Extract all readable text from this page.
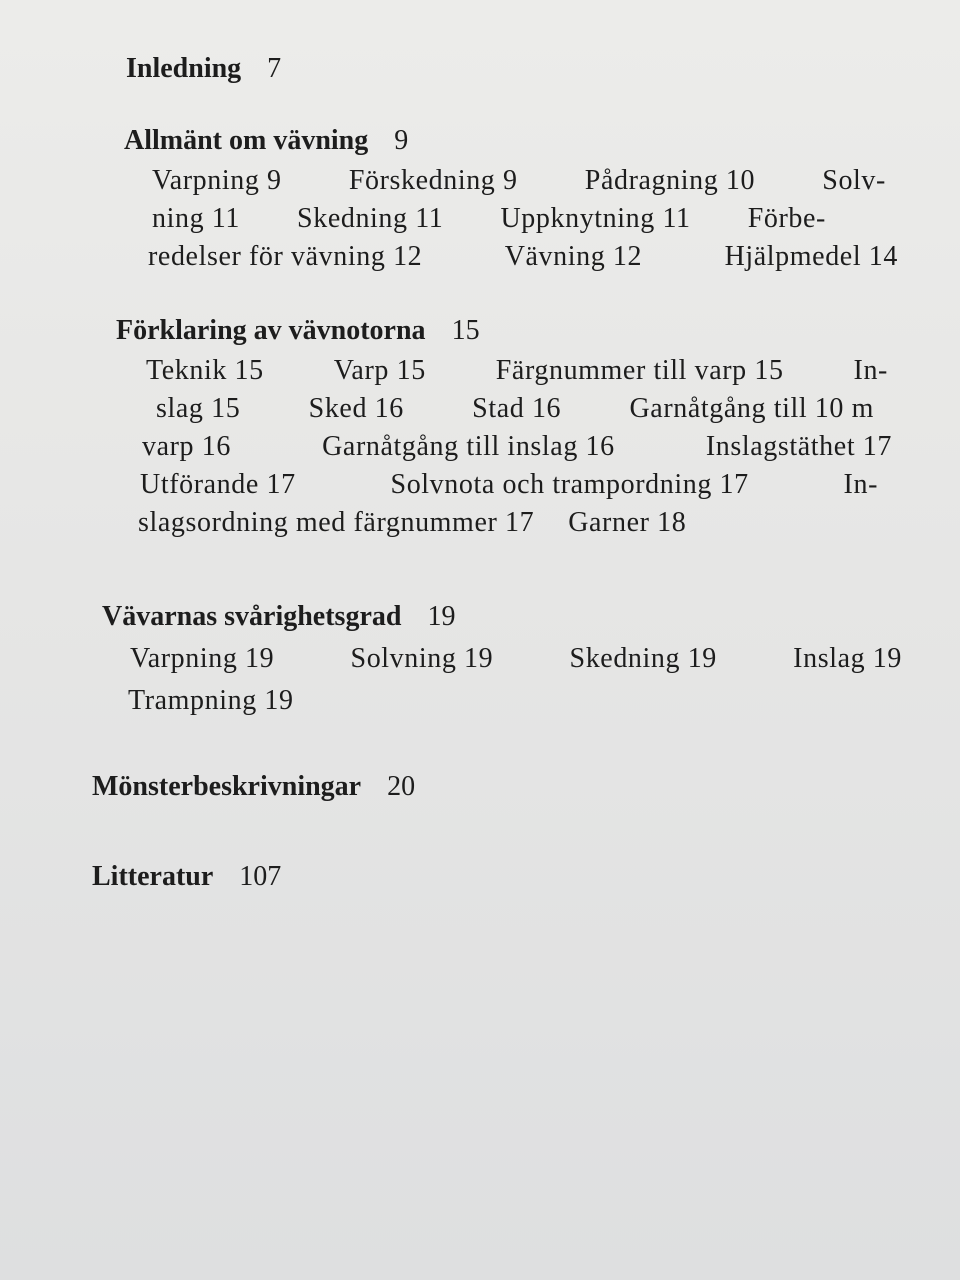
Inledning 7
Allmänt om vävning 9
Varpning 9 Förskedning 9 Pådragning 10 Solv-
ning 11 Skedning 11 Uppknytning 11 Förbe-
redelser för vävning 12	Vävning 12	Hjälpmedel 14
Förklaring av vävnotorna 15
Teknik 15 Varp 15 Färgnummer till varp 15 In-
slag 15 Sked 16 Stad 16 Garnåtgång till 10 m
varp 16	Garnåtgång till inslag 16	Inslagstäthet 17
Utförande 17	Solvnota och trampordning 17	In-
slagsordning med färgnummer 17 Garner 18
Vävarnas svårighetsgrad 19
Varpning 19	Solvning 19	Skedning 19	Inslag 19
Trampning 19
Mönsterbeskrivningar 20
Litteratur 107
